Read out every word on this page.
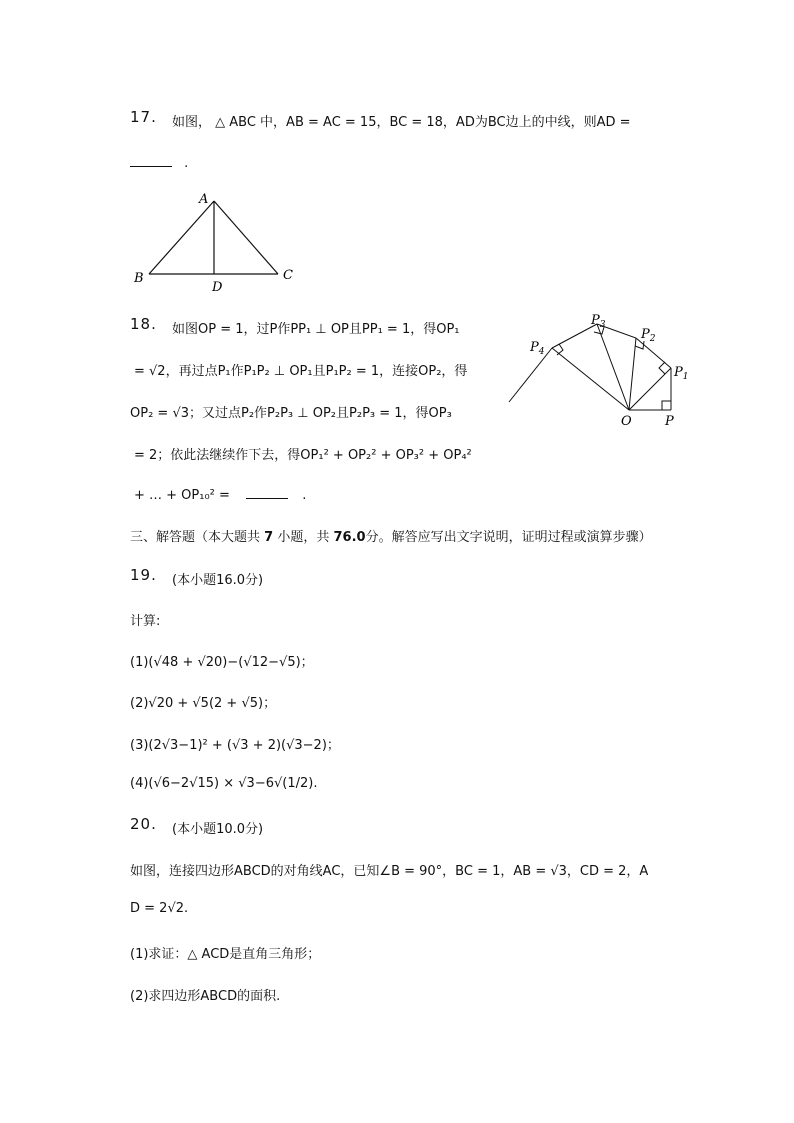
17. 如图， △ ABC 中，AB = AC = 15，BC = 18，AD为BC边上的中线，则AD =
.
A
B	C
D
18. 如图OP = 1，过P作PP₁ ⊥ OP且PP₁ = 1，得OP₁
= √2，再过点P₁作P₁P₂ ⊥ OP₁且P₁P₂ = 1，连接OP₂，得
OP₂ = √3；又过点P₂作P₂P₃ ⊥ OP₂且P₂P₃ = 1，得OP₃
= 2；依此法继续作下去，得OP₁² + OP₂² + OP₃² + OP₄²
+ … + OP₁₀² =	.
$P_4$
$P_3$
$P_2$
$P_1$
O	P
三、解答题（本大题共 7 小题，共 76.0分。解答应写出文字说明，证明过程或演算步骤）
19. (本小题16.0分)
计算:
(1)(√48 + √20)−(√12−√5)；
(2)√20 + √5(2 + √5)；
(3)(2√3−1)² + (√3 + 2)(√3−2)；
(4)(√6−2√15) × √3−6√(1/2).
20. (本小题10.0分)
如图，连接四边形ABCD的对角线AC，已知∠B = 90°，BC = 1，AB = √3，CD = 2，A
D = 2√2.
(1)求证：△ ACD是直角三角形；
(2)求四边形ABCD的面积.
